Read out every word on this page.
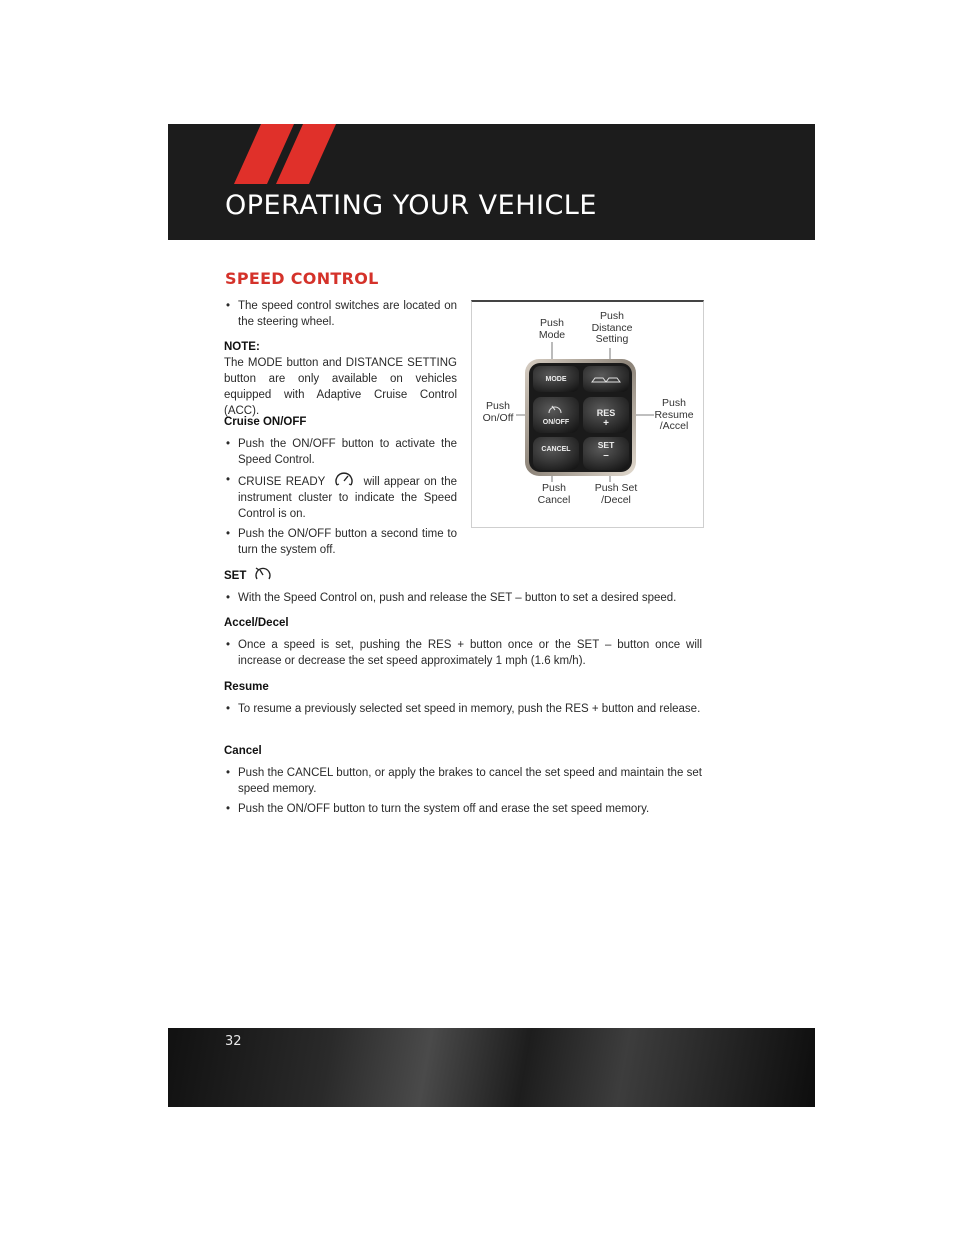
OPERATING YOUR VEHICLE
SPEED CONTROL

• The speed control switches are located on the steering wheel.

NOTE:

The MODE button and DISTANCE SETTING button are only available on vehicles equipped with Adaptive Cruise Control (ACC).

Cruise ON/OFF

• Push the ON/OFF button to activate the Speed Control.

• CRUISE READY	will appear on the instrument cluster to indicate the Speed Control is on.

• Push the ON/OFF button a second time to turn the system off.

SET

• With the Speed Control on, push and release the SET – button to set a desired speed.

Accel/Decel

• Once a speed is set, pushing the RES + button once or the SET – button once will increase or decrease the set speed approximately 1 mph (1.6 km/h).

Resume

• To resume a previously selected set speed in memory, push the RES + button and release.

Cancel

• Push the CANCEL button, or apply the brakes to cancel the set speed and maintain the set speed memory.

• Push the ON/OFF button to turn the system off and erase the set speed memory.

Push
Mode
Push
Distance
Setting
Push
On/Off
Push
Resume
/Accel
Push
Cancel
Push Set
/Decel
MODE
ON/OFF
RES
+
CANCEL	SET
–
32
